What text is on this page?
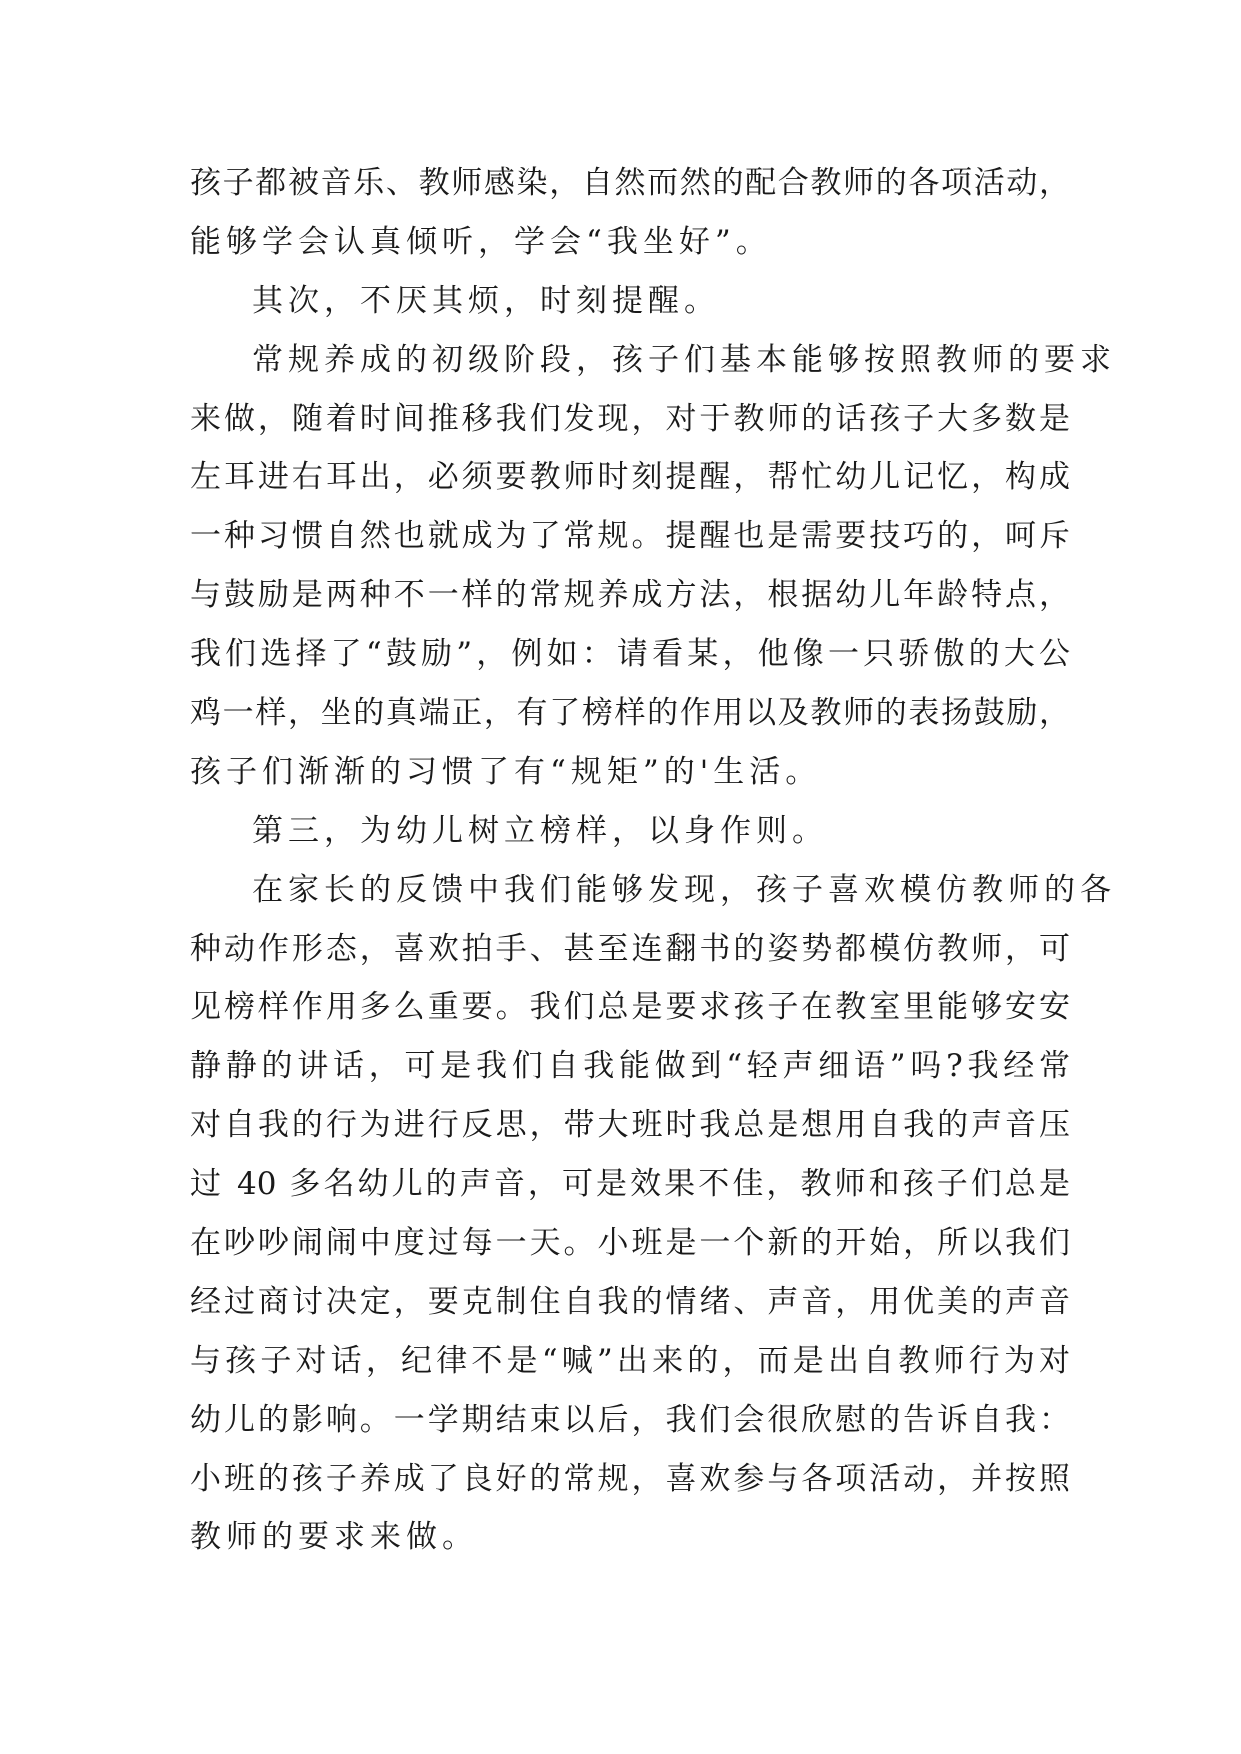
孩子都被音乐、教师感染，自然而然的配合教师的各项活动，
能够学会认真倾听，学会“我坐好”。
其次，不厌其烦，时刻提醒。
常规养成的初级阶段，孩子们基本能够按照教师的要求
来做，随着时间推移我们发现，对于教师的话孩子大多数是
左耳进右耳出，必须要教师时刻提醒，帮忙幼儿记忆，构成
一种习惯自然也就成为了常规。提醒也是需要技巧的，呵斥
与鼓励是两种不一样的常规养成方法，根据幼儿年龄特点，
我们选择了“鼓励”，例如：请看某，他像一只骄傲的大公
鸡一样，坐的真端正，有了榜样的作用以及教师的表扬鼓励，
孩子们渐渐的习惯了有“规矩”的'生活。
第三，为幼儿树立榜样，以身作则。
在家长的反馈中我们能够发现，孩子喜欢模仿教师的各
种动作形态，喜欢拍手、甚至连翻书的姿势都模仿教师，可
见榜样作用多么重要。我们总是要求孩子在教室里能够安安
静静的讲话，可是我们自我能做到“轻声细语”吗?我经常
对自我的行为进行反思，带大班时我总是想用自我的声音压
过 40 多名幼儿的声音，可是效果不佳，教师和孩子们总是
在吵吵闹闹中度过每一天。小班是一个新的开始，所以我们
经过商讨决定，要克制住自我的情绪、声音，用优美的声音
与孩子对话，纪律不是“喊”出来的，而是出自教师行为对
幼儿的影响。一学期结束以后，我们会很欣慰的告诉自我：
小班的孩子养成了良好的常规，喜欢参与各项活动，并按照
教师的要求来做。
